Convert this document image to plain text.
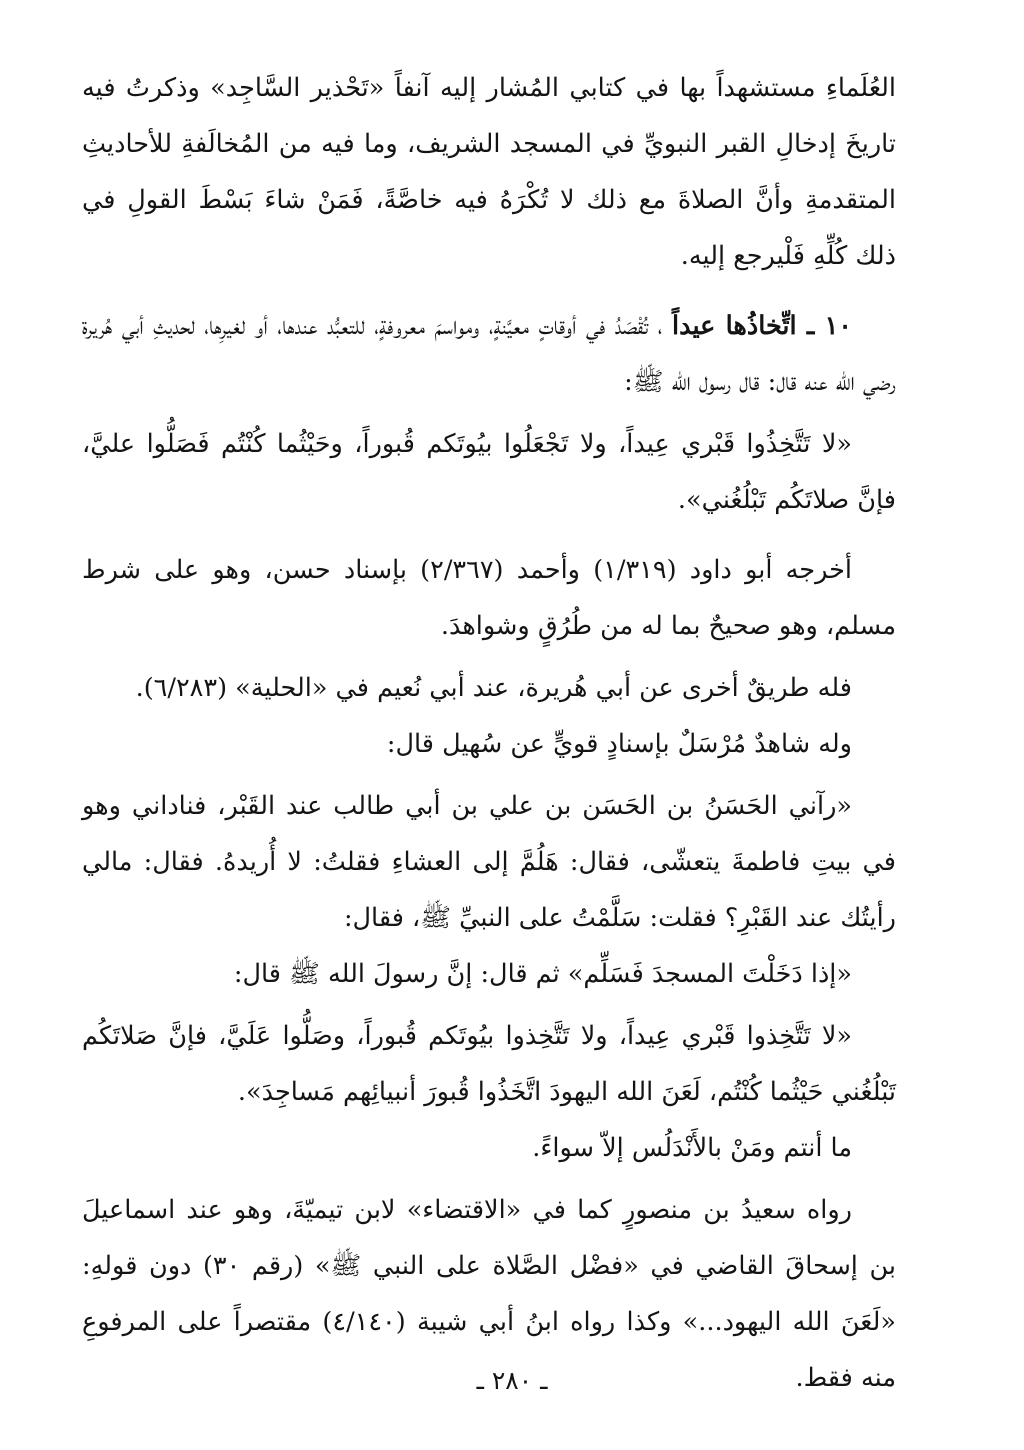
العُلَماءِ مستشهداً بها في كتابي المُشار إليه آنفاً «تَحْذير السَّاجِد» وذكرتُ فيه تاريخَ إدخالِ القبر النبويِّ في المسجد الشريف، وما فيه من المُخالَفةِ للأحاديثِ المتقدمةِ وأنَّ الصلاةَ مع ذلك لا تُكْرَهُ فيه خاصَّةً، فَمَنْ شاءَ بَسْطَ القولِ في ذلك كُلِّهِ فَلْيرجع إليه.

١٠ ـ اتِّخاذُها عيداً ، تُقْصَدُ في أوقاتٍ معيَّنةٍ، ومواسمَ معروفةٍ، للتعبُّد عندها، أو لغيرِها، لحديثِ أبي هُريرة رضي الله عنه قال: قال رسول الله ﷺ:

«لا تَتَّخِذُوا قَبْري عِيداً، ولا تَجْعَلُوا بيُوتَكم قُبوراً، وحَيْثُما كُنْتُم فَصَلُّوا عليَّ، فإنَّ صلاتَكُم تَبْلُغُني».

أخرجه أبو داود (١/٣١٩) وأحمد (٢/٣٦٧) بإسناد حسن، وهو على شرط مسلم، وهو صحيحٌ بما له من طُرُقٍ وشواهدَ.

فله طريقٌ أخرى عن أبي هُريرة، عند أبي نُعيم في «الحلية» (٦/٢٨٣).

وله شاهدٌ مُرْسَلٌ بإسنادٍ قويٍّ عن سُهيل قال:

«رآني الحَسَنُ بن الحَسَن بن علي بن أبي طالب عند القَبْر، فناداني وهو في بيتِ فاطمةَ يتعشّى، فقال: هَلُمَّ إلى العشاءِ فقلتُ: لا أُريدهُ. فقال: مالي رأيتُك عند القَبْرِ؟ فقلت: سَلَّمْتُ على النبيِّ ﷺ، فقال:

«إذا دَخَلْتَ المسجدَ فَسَلِّم» ثم قال: إنَّ رسولَ الله ﷺ قال:

«لا تَتَّخِذوا قَبْري عِيداً، ولا تَتَّخِذوا بيُوتَكم قُبوراً، وصَلُّوا عَلَيَّ، فإنَّ صَلاتَكُم تَبْلُغُني حَيْثُما كُنْتُم، لَعَنَ الله اليهودَ اتَّخَذُوا قُبورَ أنبيائِهم مَساجِدَ».

ما أنتم ومَنْ بالأَنْدَلُس إلاّ سواءً.

رواه سعيدُ بن منصورٍ كما في «الاقتضاء» لابن تيميّةَ، وهو عند اسماعيلَ بن إسحاقَ القاضي في «فضْل الصَّلاة على النبي ﷺ» (رقم ٣٠) دون قولهِ: «لَعَنَ الله اليهود...» وكذا رواه ابنُ أبي شيبة (٤/١٤٠) مقتصراً على المرفوعِ منه فقط.

ـ ٢٨٠ ـ
